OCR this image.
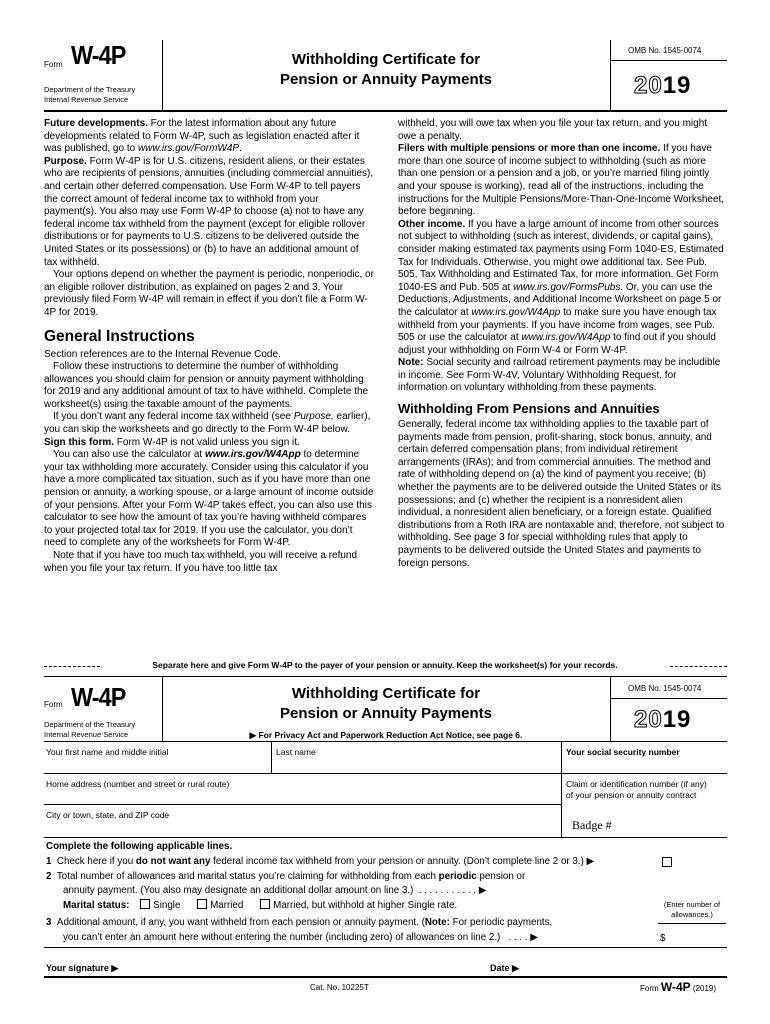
Form W-4P
Department of the Treasury
Internal Revenue Service
Withholding Certificate for
Pension or Annuity Payments
OMB No. 1545-0074
2019

Future developments. For the latest information about any future developments related to Form W-4P, such as legislation enacted after it was published, go to www.irs.gov/FormW4P.

Purpose. Form W-4P is for U.S. citizens, resident aliens, or their estates who are recipients of pensions, annuities (including commercial annuities), and certain other deferred compensation. Use Form W-4P to tell payers the correct amount of federal income tax to withhold from your payment(s). You also may use Form W-4P to choose (a) not to have any federal income tax withheld from the payment (except for eligible rollover distributions or for payments to U.S. citizens to be delivered outside the United States or its possessions) or (b) to have an additional amount of tax withheld.

Your options depend on whether the payment is periodic, nonperiodic, or an eligible rollover distribution, as explained on pages 2 and 3. Your previously filed Form W-4P will remain in effect if you don’t file a Form W-4P for 2019.

General Instructions

Section references are to the Internal Revenue Code.

Follow these instructions to determine the number of withholding allowances you should claim for pension or annuity payment withholding for 2019 and any additional amount of tax to have withheld. Complete the worksheet(s) using the taxable amount of the payments.

If you don’t want any federal income tax withheld (see Purpose, earlier), you can skip the worksheets and go directly to the Form W-4P below.

Sign this form. Form W-4P is not valid unless you sign it.

You can also use the calculator at www.irs.gov/W4App to determine your tax withholding more accurately. Consider using this calculator if you have a more complicated tax situation, such as if you have more than one pension or annuity, a working spouse, or a large amount of income outside of your pensions. After your Form W-4P takes effect, you can also use this calculator to see how the amount of tax you’re having withheld compares to your projected total tax for 2019. If you use the calculator, you don’t need to complete any of the worksheets for Form W-4P.

Note that if you have too much tax withheld, you will receive a refund when you file your tax return. If you have too little tax

withheld, you will owe tax when you file your tax return, and you might owe a penalty.

Filers with multiple pensions or more than one income. If you have more than one source of income subject to withholding (such as more than one pension or a pension and a job, or you’re married filing jointly and your spouse is working), read all of the instructions, including the instructions for the Multiple Pensions/More-Than-One-Income Worksheet, before beginning.

Other income. If you have a large amount of income from other sources not subject to withholding (such as interest, dividends, or capital gains), consider making estimated tax payments using Form 1040-ES, Estimated Tax for Individuals. Otherwise, you might owe additional tax. See Pub. 505, Tax Withholding and Estimated Tax, for more information. Get Form 1040-ES and Pub. 505 at www.irs.gov/FormsPubs. Or, you can use the Deductions, Adjustments, and Additional Income Worksheet on page 5 or the calculator at www.irs.gov/W4App to make sure you have enough tax withheld from your payments. If you have income from wages, see Pub. 505 or use the calculator at www.irs.gov/W4App to find out if you should adjust your withholding on Form W-4 or Form W-4P.

Note: Social security and railroad retirement payments may be includible in income. See Form W-4V, Voluntary Withholding Request, for information on voluntary withholding from these payments.

Withholding From Pensions and Annuities

Generally, federal income tax withholding applies to the taxable part of payments made from pension, profit-sharing, stock bonus, annuity, and certain deferred compensation plans; from individual retirement arrangements (IRAs); and from commercial annuities. The method and rate of withholding depend on (a) the kind of payment you receive; (b) whether the payments are to be delivered outside the United States or its possessions; and (c) whether the recipient is a nonresident alien individual, a nonresident alien beneficiary, or a foreign estate. Qualified distributions from a Roth IRA are nontaxable and, therefore, not subject to withholding. See page 3 for special withholding rules that apply to payments to be delivered outside the United States and payments to foreign persons.

Separate here and give Form W-4P to the payer of your pension or annuity. Keep the worksheet(s) for your records.
Form W-4P
Department of the Treasury
Internal Revenue Service
Withholding Certificate for
Pension or Annuity Payments
▶ For Privacy Act and Paperwork Reduction Act Notice, see page 6.
OMB No. 1545-0074
2019
Your first name and middle initial	Last name	Your social security number
Home address (number and street or rural route)	Claim or identification number (if any) of your pension or annuity contract
City or town, state, and ZIP code
Badge #
Complete the following applicable lines.
1 Check here if you do not want any federal income tax withheld from your pension or annuity. (Don’t complete line 2 or 3.) ▶
2 Total number of allowances and marital status you’re claiming for withholding from each periodic pension or
annuity payment. (You also may designate an additional dollar amount on line 3.) . . . . . . . . . . . ▶
Marital status: Single	Married	Married, but withhold at higher Single rate.	(Enter number of allowances.)
3 Additional amount, if any, you want withheld from each pension or annuity payment. (Note: For periodic payments,
you can’t enter an amount here without entering the number (including zero) of allowances on line 2.) . . . . ▶	$
Your signature ▶	Date ▶
Cat. No. 10225T	Form W-4P (2019)
